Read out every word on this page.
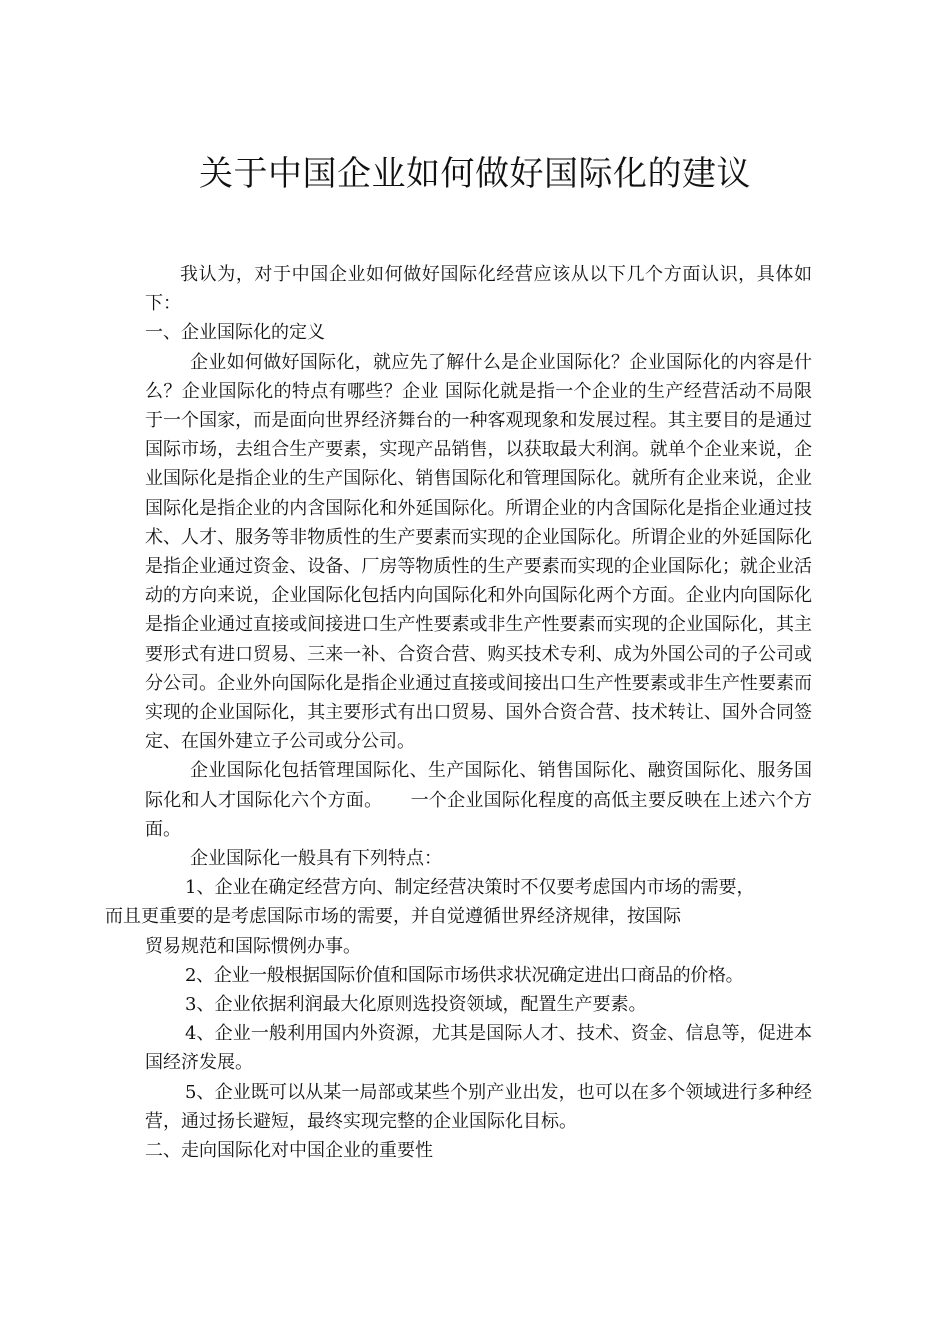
关于中国企业如何做好国际化的建议

我认为，对于中国企业如何做好国际化经营应该从以下几个方面认识，具体如下：

一、企业国际化的定义

企业如何做好国际化，就应先了解什么是企业国际化？企业国际化的内容是什么？企业国际化的特点有哪些？企业 国际化就是指一个企业的生产经营活动不局限于一个国家，而是面向世界经济舞台的一种客观现象和发展过程。其主要目的是通过国际市场，去组合生产要素，实现产品销售，以获取最大利润。就单个企业来说，企业国际化是指企业的生产国际化、销售国际化和管理国际化。就所有企业来说，企业国际化是指企业的内含国际化和外延国际化。所谓企业的内含国际化是指企业通过技术、人才、服务等非物质性的生产要素而实现的企业国际化。所谓企业的外延国际化是指企业通过资金、设备、厂房等物质性的生产要素而实现的企业国际化；就企业活动的方向来说，企业国际化包括内向国际化和外向国际化两个方面。企业内向国际化是指企业通过直接或间接进口生产性要素或非生产性要素而实现的企业国际化，其主要形式有进口贸易、三来一补、合资合营、购买技术专利、成为外国公司的子公司或分公司。企业外向国际化是指企业通过直接或间接出口生产性要素或非生产性要素而实现的企业国际化，其主要形式有出口贸易、国外合资合营、技术转让、国外合同签定、在国外建立子公司或分公司。

企业国际化包括管理国际化、生产国际化、销售国际化、融资国际化、服务国际化和人才国际化六个方面。 一个企业国际化程度的高低主要反映在上述六个方面。

企业国际化一般具有下列特点：

1、企业在确定经营方向、制定经营决策时不仅要考虑国内市场的需要，
而且更重要的是考虑国际市场的需要，并自觉遵循世界经济规律，按国际
贸易规范和国际惯例办事。

2、企业一般根据国际价值和国际市场供求状况确定进出口商品的价格。

3、企业依据利润最大化原则选投资领域，配置生产要素。

4、企业一般利用国内外资源，尤其是国际人才、技术、资金、信息等，促进本国经济发展。

5、企业既可以从某一局部或某些个别产业出发，也可以在多个领域进行多种经营，通过扬长避短，最终实现完整的企业国际化目标。

二、走向国际化对中国企业的重要性
